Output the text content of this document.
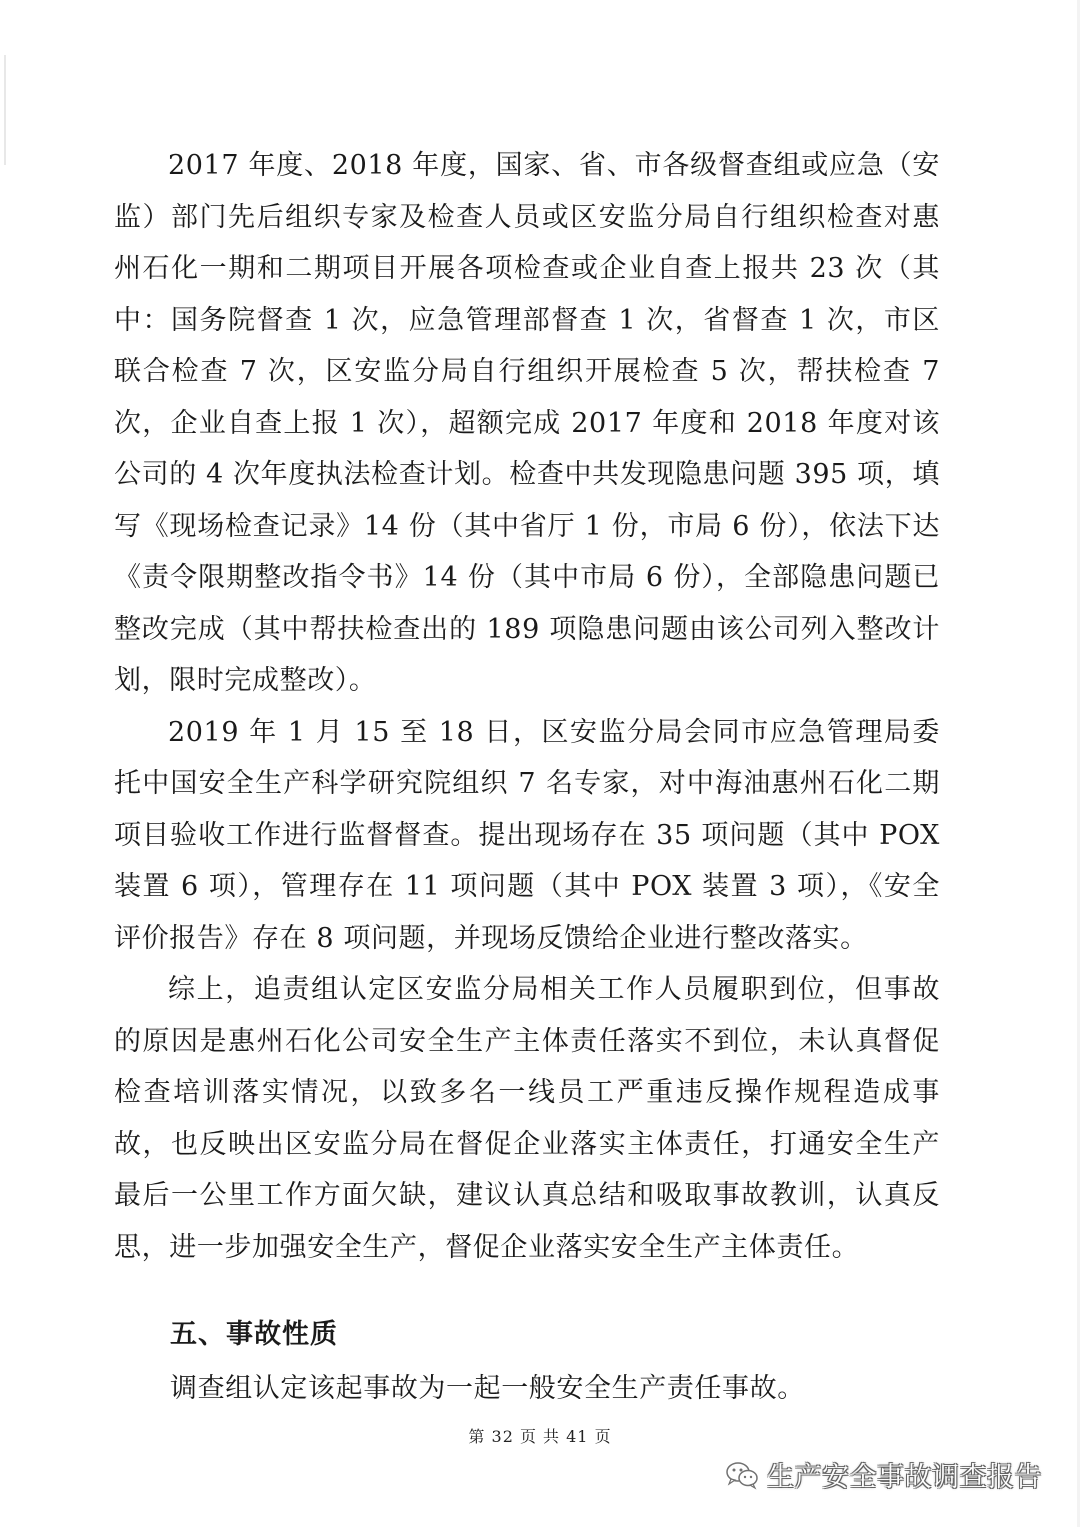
2017 年度、2018 年度，国家、省、市各级督查组或应急（安监）部门先后组织专家及检查人员或区安监分局自行组织检查对惠州石化一期和二期项目开展各项检查或企业自查上报共 23 次（其中：国务院督查 1 次，应急管理部督查 1 次，省督查 1 次，市区联合检查 7 次，区安监分局自行组织开展检查 5 次，帮扶检查 7 次，企业自查上报 1 次），超额完成 2017 年度和 2018 年度对该公司的 4 次年度执法检查计划。检查中共发现隐患问题 395 项，填写《现场检查记录》14 份（其中省厅 1 份，市局 6 份），依法下达《责令限期整改指令书》14 份（其中市局 6 份），全部隐患问题已整改完成（其中帮扶检查出的 189 项隐患问题由该公司列入整改计划，限时完成整改）。

2019 年 1 月 15 至 18 日，区安监分局会同市应急管理局委托中国安全生产科学研究院组织 7 名专家，对中海油惠州石化二期项目验收工作进行监督督查。提出现场存在 35 项问题（其中 POX 装置 6 项），管理存在 11 项问题（其中 POX 装置 3 项），《安全评价报告》存在 8 项问题，并现场反馈给企业进行整改落实。

综上，追责组认定区安监分局相关工作人员履职到位，但事故的原因是惠州石化公司安全生产主体责任落实不到位，未认真督促检查培训落实情况，以致多名一线员工严重违反操作规程造成事故，也反映出区安监分局在督促企业落实主体责任，打通安全生产最后一公里工作方面欠缺，建议认真总结和吸取事故教训，认真反思，进一步加强安全生产，督促企业落实安全生产主体责任。

五、事故性质

调查组认定该起事故为一起一般安全生产责任事故。

第 32 页 共 41 页
生产安全事故调查报告
